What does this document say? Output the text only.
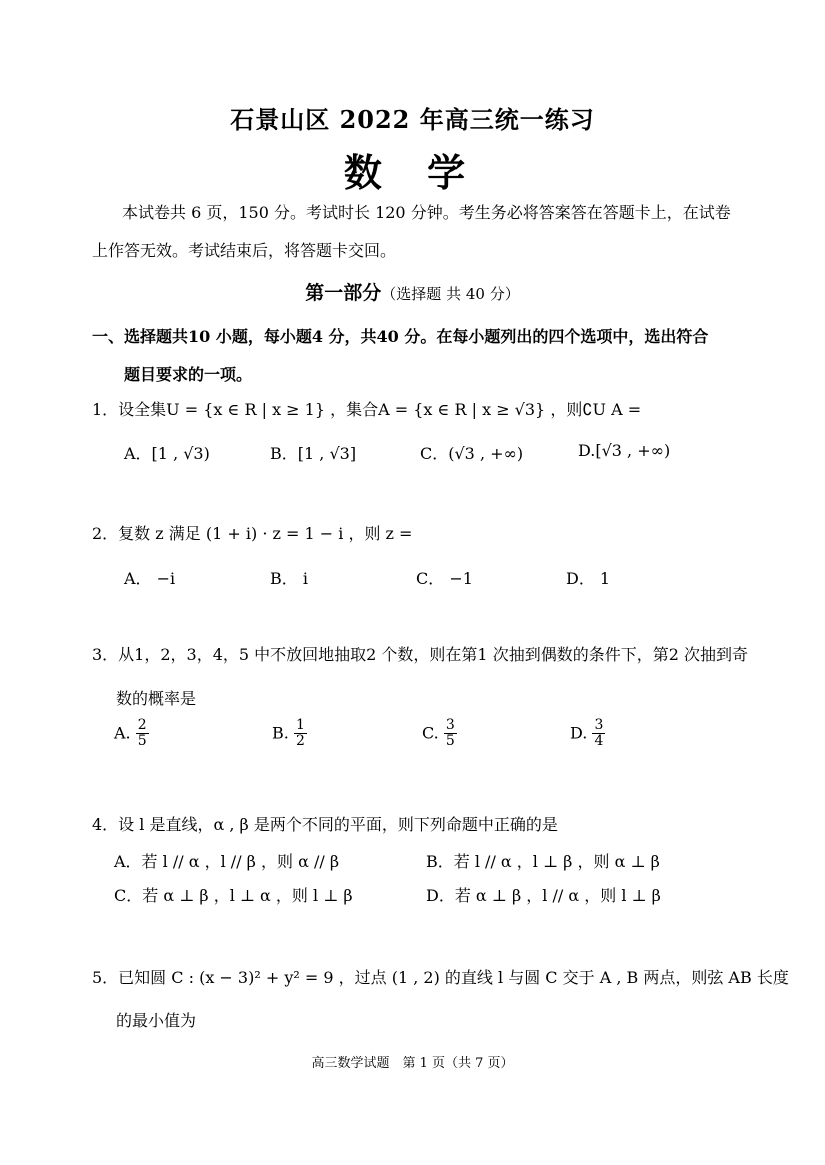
石景山区 2022 年高三统一练习
数 学
本试卷共 6 页，150 分。考试时长 120 分钟。考生务必将答案答在答题卡上，在试卷
上作答无效。考试结束后，将答题卡交回。
第一部分（选择题 共 40 分）
一、选择题共10 小题，每小题4 分，共40 分。在每小题列出的四个选项中，选出符合
题目要求的一项。
1．设全集U = {x ∈ R | x ≥ 1} ，集合A = {x ∈ R | x ≥ √3} ，则∁U A =
A．[1 , √3)	B．[1 , √3]	C．(√3 , +∞)	D.[√3 , +∞)
2．复数 z 满足 (1 + i) · z = 1 − i ，则 z =
A． −i	B． i	C． −1	D． 1
3．从1，2，3，4，5 中不放回地抽取2 个数，则在第1 次抽到偶数的条件下，第2 次抽到奇
数的概率是
A. $\frac{2}{5}$	B. $\frac{1}{2}$	C. $\frac{3}{5}$	D. $\frac{3}{4}$
4．设 l 是直线，α , β 是两个不同的平面，则下列命题中正确的是
A．若 l // α ，l // β ，则 α // β	B．若 l // α ，l ⊥ β ，则 α ⊥ β
C．若 α ⊥ β ，l ⊥ α ，则 l ⊥ β	D．若 α ⊥ β ，l // α ，则 l ⊥ β
5．已知圆 C : (x − 3)² + y² = 9 ，过点 (1 , 2) 的直线 l 与圆 C 交于 A , B 两点，则弦 AB 长度
的最小值为
高三数学试题　第 1 页（共 7 页）
